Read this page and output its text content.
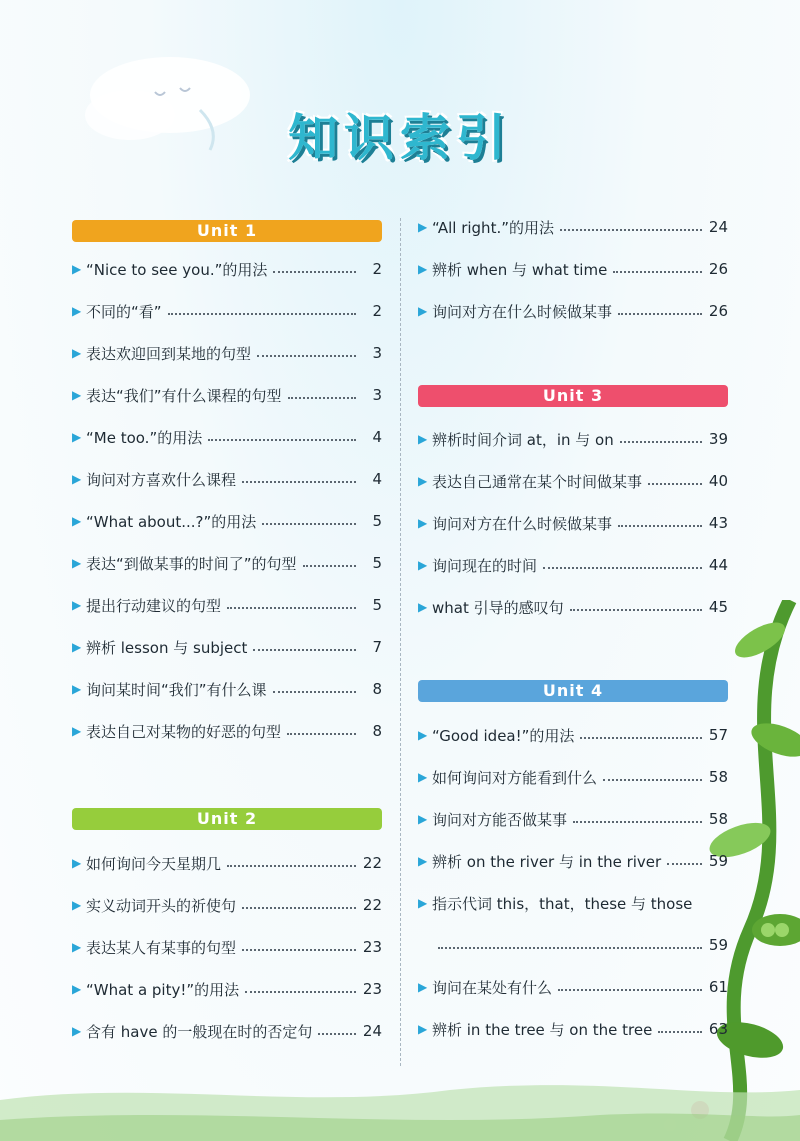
知识索引
Unit 1
▶ “Nice to see you.”的用法	2
▶ 不同的“看”	2
▶ 表达欢迎回到某地的句型	3
▶ 表达“我们”有什么课程的句型	3
▶ “Me too.”的用法	4
▶ 询问对方喜欢什么课程	4
▶ “What about...?”的用法	5
▶ 表达“到做某事的时间了”的句型	5
▶ 提出行动建议的句型	5
▶ 辨析 lesson 与 subject	7
▶ 询问某时间“我们”有什么课	8
▶ 表达自己对某物的好恶的句型	8
Unit 2
▶ 如何询问今天星期几	22
▶ 实义动词开头的祈使句	22
▶ 表达某人有某事的句型	23
▶ “What a pity!”的用法	23
▶ 含有 have 的一般现在时的否定句	24
▶ “All right.”的用法	24
▶ 辨析 when 与 what time	26
▶ 询问对方在什么时候做某事	26
Unit 3
▶ 辨析时间介词 at，in 与 on	39
▶ 表达自己通常在某个时间做某事	40
▶ 询问对方在什么时候做某事	43
▶ 询问现在的时间	44
▶ what 引导的感叹句	45
Unit 4
▶ “Good idea!”的用法	57
▶ 如何询问对方能看到什么	58
▶ 询问对方能否做某事	58
▶ 辨析 on the river 与 in the river	59
▶ 指示代词 this，that，these 与 those
59
▶ 询问在某处有什么	61
▶ 辨析 in the tree 与 on the tree	63
